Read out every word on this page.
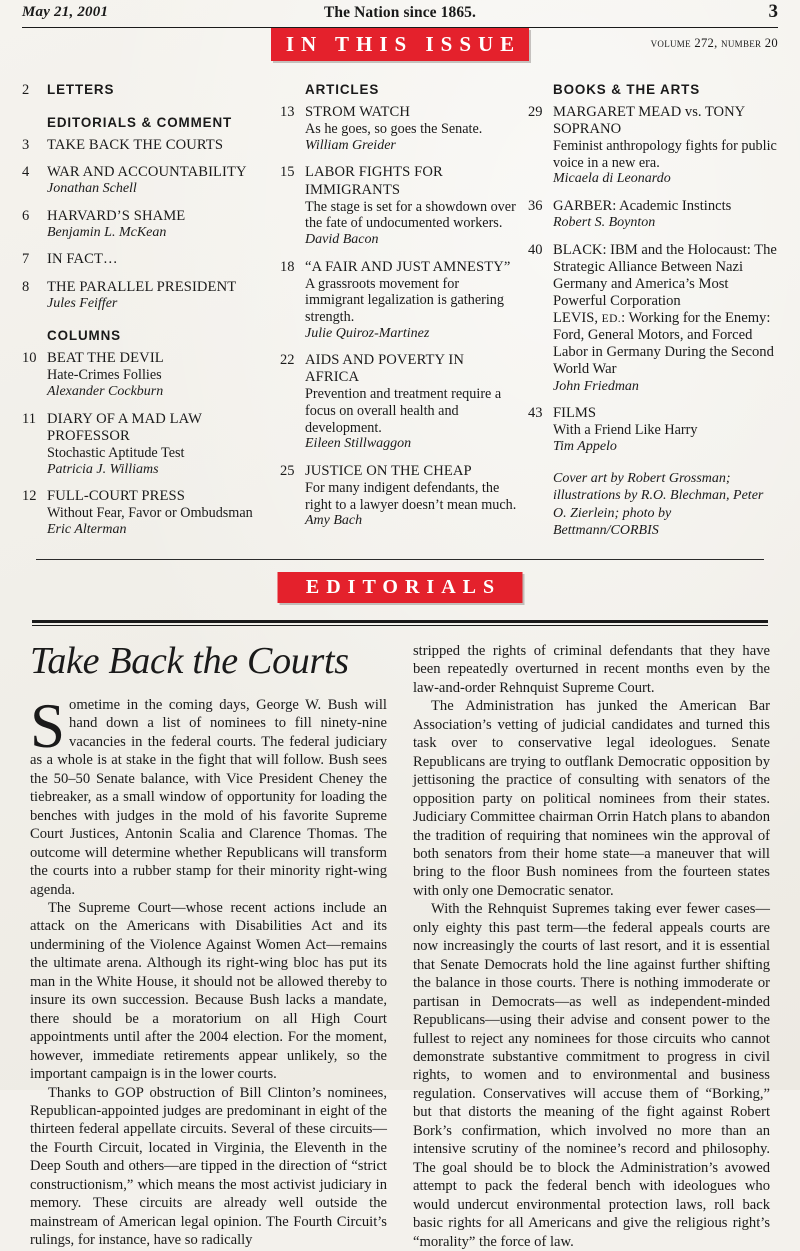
May 21, 2001	The Nation since 1865.	3
IN THIS ISSUE	volume 272, number 20
2	LETTERS
EDITORIALS & COMMENT
3	TAKE BACK THE COURTS
4	WAR AND ACCOUNTABILITY
Jonathan Schell
6	HARVARD’S SHAME
Benjamin L. McKean
7	IN FACT…
8	THE PARALLEL PRESIDENT
Jules Feiffer
COLUMNS
10 BEAT THE DEVIL
Hate-Crimes Follies
Alexander Cockburn
11 DIARY OF A MAD LAW PROFESSOR
Stochastic Aptitude Test
Patricia J. Williams
12 FULL-COURT PRESS
Without Fear, Favor or Ombudsman
Eric Alterman
ARTICLES
13 STROM WATCH
As he goes, so goes the Senate.
William Greider
15 LABOR FIGHTS FOR IMMIGRANTS
The stage is set for a showdown over the fate of undocumented workers.
David Bacon
18 “A FAIR AND JUST AMNESTY”
A grassroots movement for immigrant legalization is gathering strength.
Julie Quiroz-Martinez
22 AIDS AND POVERTY IN AFRICA
Prevention and treatment require a focus on overall health and development.
Eileen Stillwaggon
25 JUSTICE ON THE CHEAP
For many indigent defendants, the right to a lawyer doesn’t mean much.
Amy Bach
BOOKS & THE ARTS
29 MARGARET MEAD vs. TONY SOPRANO
Feminist anthropology fights for public voice in a new era.
Micaela di Leonardo
36 GARBER: Academic Instincts
Robert S. Boynton
40 BLACK: IBM and the Holocaust: The Strategic Alliance Between Nazi Germany and America’s Most Powerful Corporation
LEVIS, ED.: Working for the Enemy: Ford, General Motors, and Forced Labor in Germany During the Second World War
John Friedman
43 FILMS
With a Friend Like Harry
Tim Appelo
Cover art by Robert Grossman; illustrations by R.O. Blechman, Peter O. Zierlein; photo by Bettmann/CORBIS
EDITORIALS
Take Back the Courts

Sometime in the coming days, George W. Bush will hand down a list of nominees to fill ninety-nine vacancies in the federal courts. The federal judiciary as a whole is at stake in the fight that will follow. Bush sees the 50–50 Senate balance, with Vice President Cheney the tiebreaker, as a small window of opportunity for loading the benches with judges in the mold of his favorite Supreme Court Justices, Antonin Scalia and Clarence Thomas. The outcome will determine whether Republicans will transform the courts into a rubber stamp for their minority right-wing agenda.

The Supreme Court—whose recent actions include an attack on the Americans with Disabilities Act and its undermining of the Violence Against Women Act—remains the ultimate arena. Although its right-wing bloc has put its man in the White House, it should not be allowed thereby to insure its own succession. Because Bush lacks a mandate, there should be a moratorium on all High Court appointments until after the 2004 election. For the moment, however, immediate retirements appear unlikely, so the important campaign is in the lower courts.

Thanks to GOP obstruction of Bill Clinton’s nominees, Republican-appointed judges are predominant in eight of the thirteen federal appellate circuits. Several of these circuits—the Fourth Circuit, located in Virginia, the Eleventh in the Deep South and others—are tipped in the direction of “strict constructionism,” which means the most activist judiciary in memory. These circuits are already well outside the mainstream of American legal opinion. The Fourth Circuit’s rulings, for instance, have so radically

stripped the rights of criminal defendants that they have been repeatedly overturned in recent months even by the law-and-order Rehnquist Supreme Court.

The Administration has junked the American Bar Association’s vetting of judicial candidates and turned this task over to conservative legal ideologues. Senate Republicans are trying to outflank Democratic opposition by jettisoning the practice of consulting with senators of the opposition party on political nominees from their states. Judiciary Committee chairman Orrin Hatch plans to abandon the tradition of requiring that nominees win the approval of both senators from their home state—a maneuver that will bring to the floor Bush nominees from the fourteen states with only one Democratic senator.

With the Rehnquist Supremes taking ever fewer cases—only eighty this past term—the federal appeals courts are now increasingly the courts of last resort, and it is essential that Senate Democrats hold the line against further shifting the balance in those courts. There is nothing immoderate or partisan in Democrats—as well as independent-minded Republicans—using their advise and consent power to the fullest to reject any nominees for those circuits who cannot demonstrate substantive commitment to progress in civil rights, to women and to environmental and business regulation. Conservatives will accuse them of “Borking,” but that distorts the meaning of the fight against Robert Bork’s confirmation, which involved no more than an intensive scrutiny of the nominee’s record and philosophy. The goal should be to block the Administration’s avowed attempt to pack the federal bench with ideologues who would undercut environmental protection laws, roll back basic rights for all Americans and give the religious right’s “morality” the force of law.
